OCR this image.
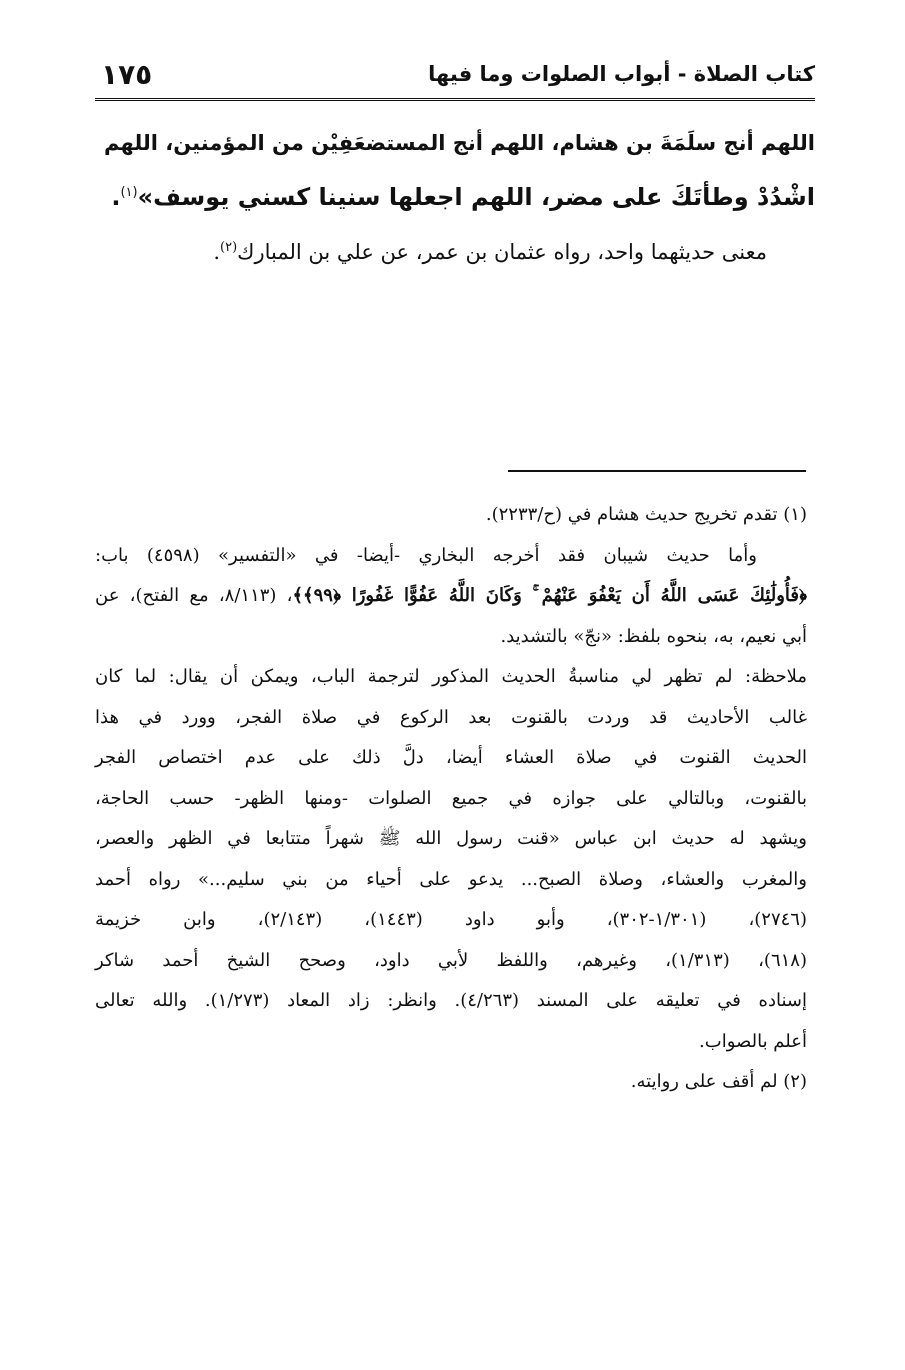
كتاب الصلاة - أبواب الصلوات وما فيها
١٧٥
اللهم أنج سلَمَةَ بن هشام، اللهم أنج المستضعَفِيْن من المؤمنين، اللهم
اشْدُدْ وطأتَكَ على مضر، اللهم اجعلها سنينا كسني يوسف»$^{(١)}$.
معنى حديثهما واحد، رواه عثمان بن عمر، عن علي بن المبارك$^{(٢)}$.
(١) تقدم تخريج حديث هشام في (ح/٢٢٣٣).
وأما حديث شيبان فقد أخرجه البخاري -أيضا- في «التفسير» (٤٥٩٨) باب:
﴿فَأُولَٰئِكَ عَسَى اللَّهُ أَن يَعْفُوَ عَنْهُمْ ۚ وَكَانَ اللَّهُ عَفُوًّا غَفُورًا ﴿٩٩﴾﴾، (٨/١١٣، مع الفتح)، عن
أبي نعيم، به، بنحوه بلفظ: «نجّ» بالتشديد.
ملاحظة: لم تظهر لي مناسبةُ الحديث المذكور لترجمة الباب، ويمكن أن يقال: لما كان
غالب الأحاديث قد وردت بالقنوت بعد الركوع في صلاة الفجر، وورد في هذا
الحديث القنوت في صلاة العشاء أيضا، دلَّ ذلك على عدم اختصاص الفجر
بالقنوت، وبالتالي على جوازه في جميع الصلوات -ومنها الظهر- حسب الحاجة،
ويشهد له حديث ابن عباس «قنت رسول الله ﷺ شهراً متتابعا في الظهر والعصر،
والمغرب والعشاء، وصلاة الصبح... يدعو على أحياء من بني سليم...» رواه أحمد
(٢٧٤٦)، (١/٣٠١-٣٠٢)، وأبو داود (١٤٤٣)، (٢/١٤٣)، وابن خزيمة
(٦١٨)، (١/٣١٣)، وغيرهم، واللفظ لأبي داود، وصحح الشيخ أحمد شاكر
إسناده في تعليقه على المسند (٤/٢٦٣). وانظر: زاد المعاد (١/٢٧٣). والله تعالى
أعلم بالصواب.
(٢) لم أقف على روايته.
